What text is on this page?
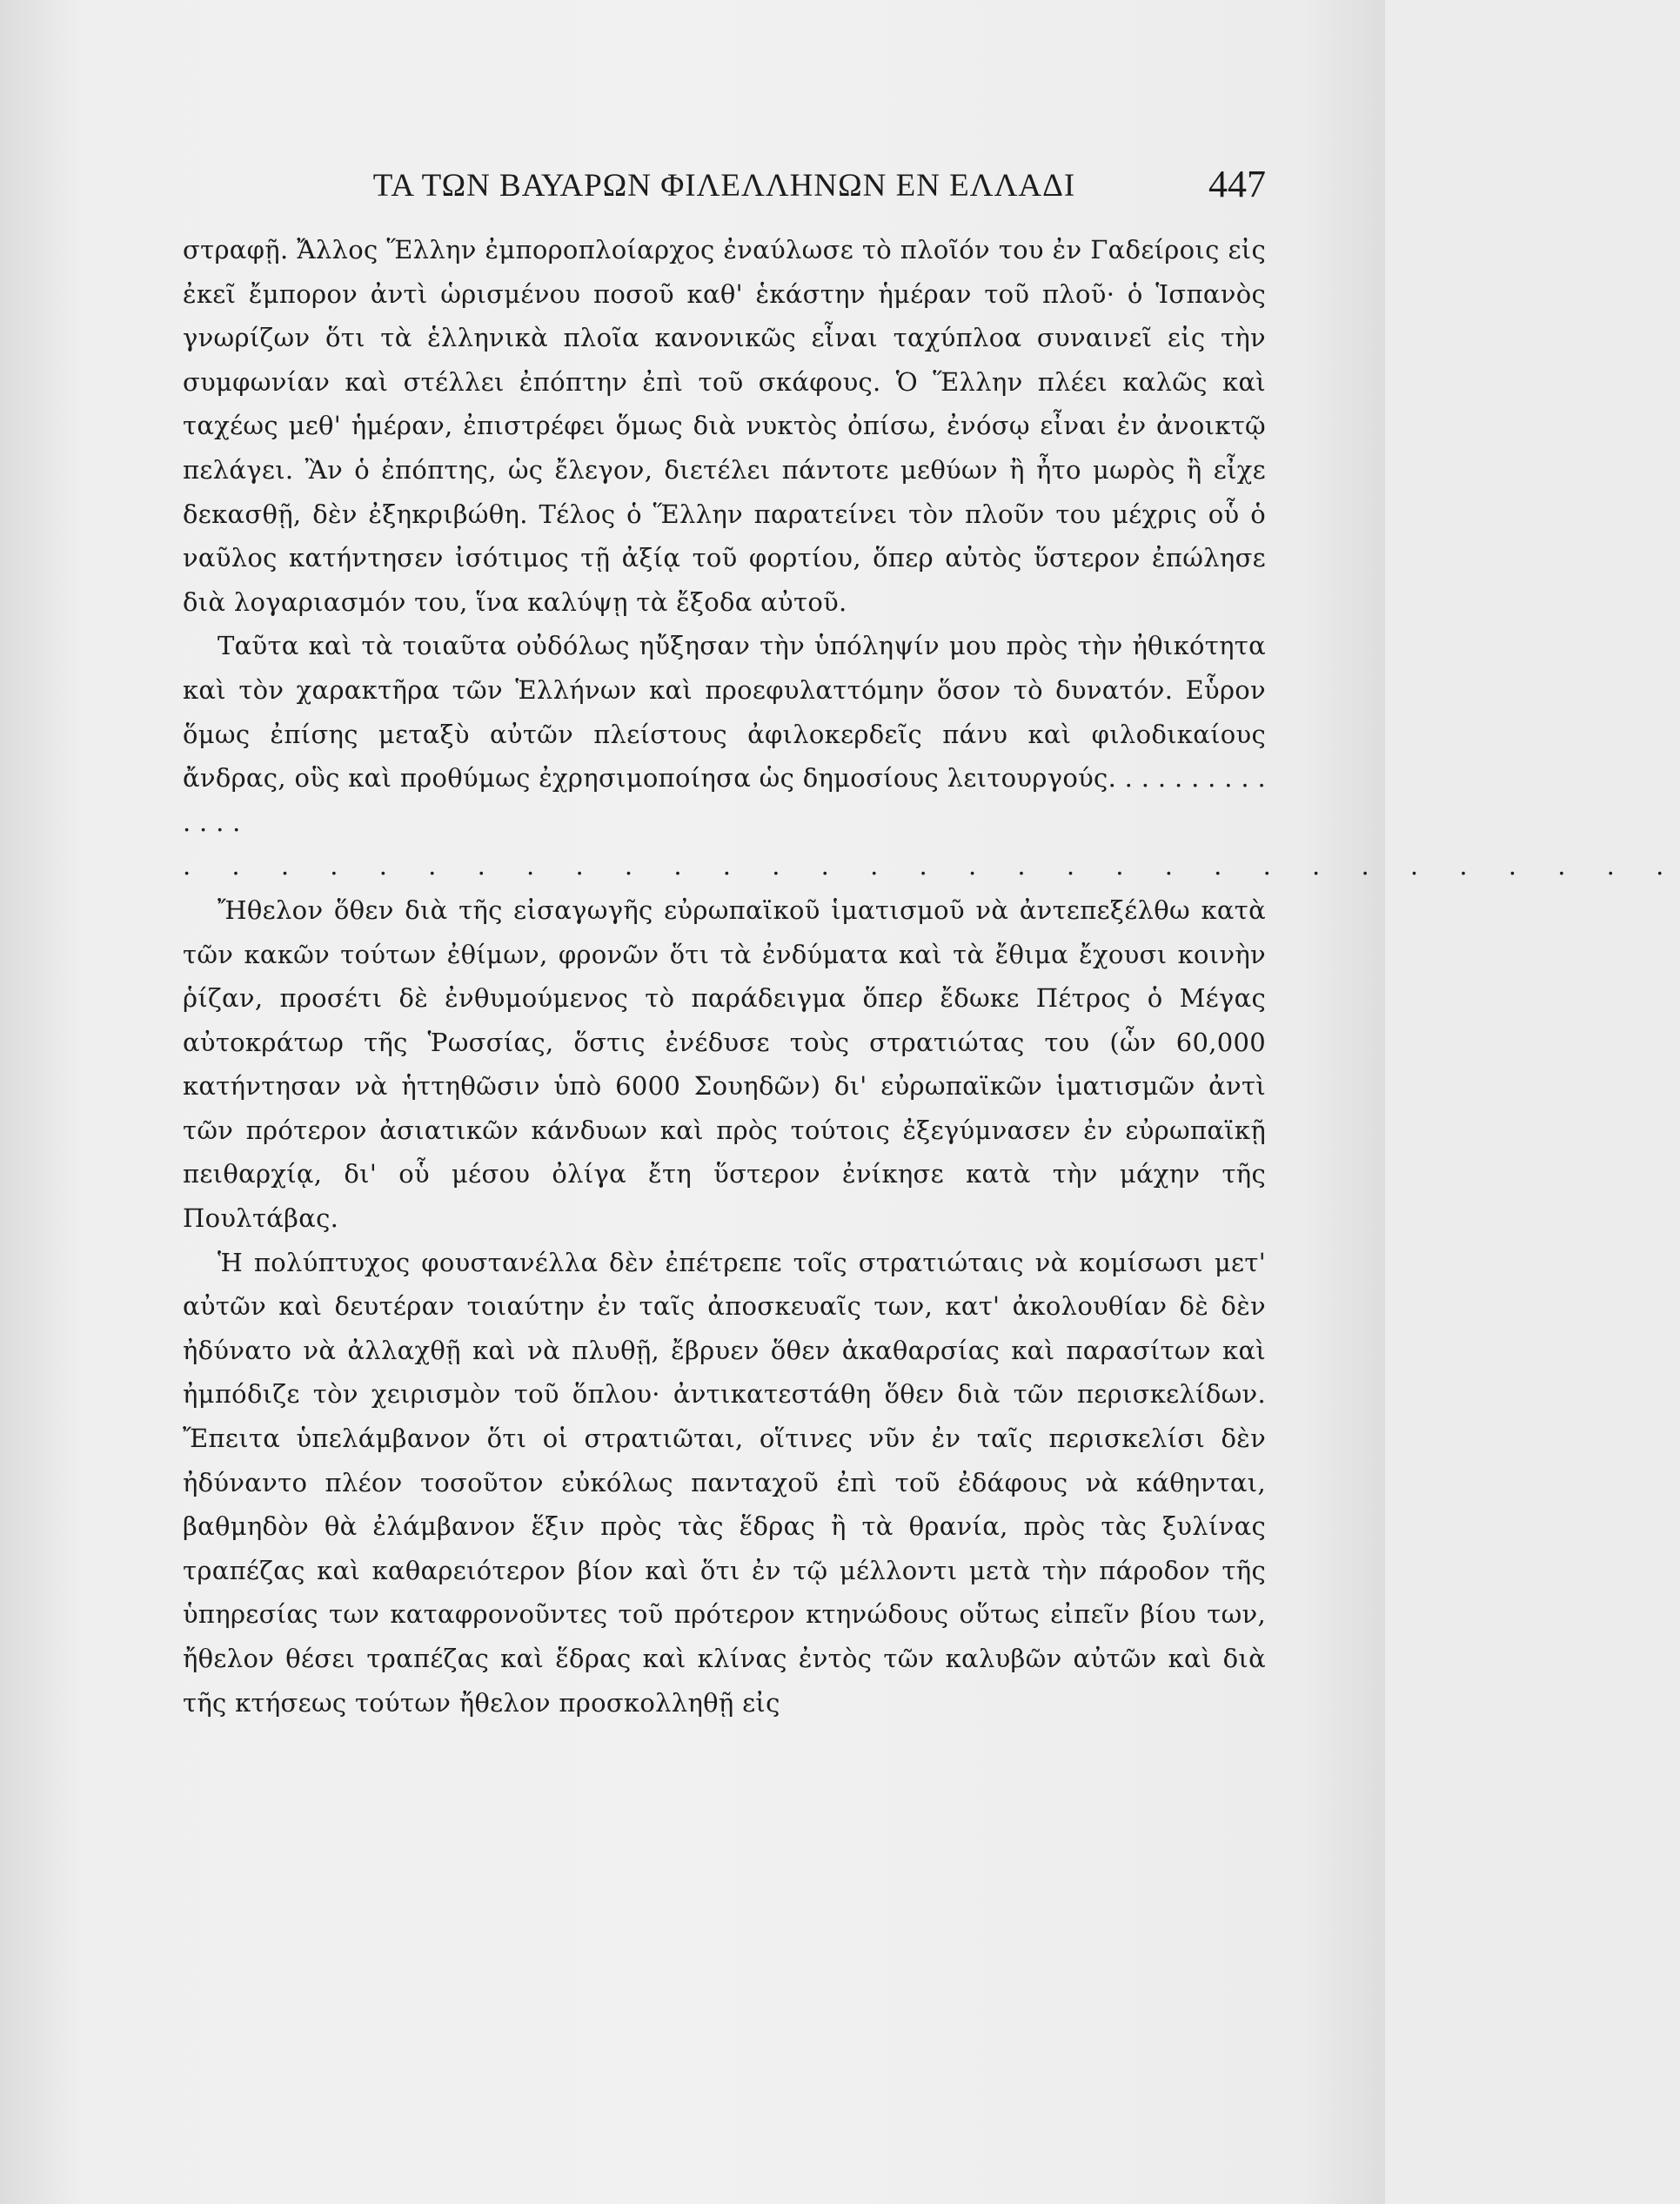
ΤΑ ΤΩΝ ΒΑΥΑΡΩΝ ΦΙΛΕΛΛΗΝΩΝ ΕΝ ΕΛΛΑΔΙ	447

στραφῇ. Ἄλλος Ἕλλην ἐμποροπλοίαρχος ἐναύλωσε τὸ πλοῖόν του ἐν Γαδείροις εἰς ἐκεῖ ἔμπορον ἀντὶ ὡρισμένου ποσοῦ καθ' ἑκάστην ἡμέραν τοῦ πλοῦ· ὁ Ἱσπανὸς γνωρίζων ὅτι τὰ ἑλληνικὰ πλοῖα κανονικῶς εἶναι ταχύπλοα συναινεῖ εἰς τὴν συμφωνίαν καὶ στέλλει ἐπόπτην ἐπὶ τοῦ σκάφους. Ὁ Ἕλλην πλέει καλῶς καὶ ταχέως μεθ' ἡμέραν, ἐπιστρέφει ὅμως διὰ νυκτὸς ὀπίσω, ἐνόσῳ εἶναι ἐν ἀνοικτῷ πελάγει. Ἂν ὁ ἐπόπτης, ὡς ἔλεγον, διετέλει πάντοτε μεθύων ἢ ἦτο μωρὸς ἢ εἶχε δεκασθῇ, δὲν ἐξηκριβώθη. Τέλος ὁ Ἕλλην παρατείνει τὸν πλοῦν του μέχρις οὗ ὁ ναῦλος κατήντησεν ἰσότιμος τῇ ἀξίᾳ τοῦ φορτίου, ὅπερ αὐτὸς ὕστερον ἐπώλησε διὰ λογαριασμόν του, ἵνα καλύψῃ τὰ ἔξοδα αὐτοῦ.

Ταῦτα καὶ τὰ τοιαῦτα οὐδόλως ηὔξησαν τὴν ὑπόληψίν μου πρὸς τὴν ἠθικότητα καὶ τὸν χαρακτῆρα τῶν Ἑλλήνων καὶ προεφυλαττόμην ὅσον τὸ δυνατόν. Εὗρον ὅμως ἐπίσης μεταξὺ αὐτῶν πλείστους ἀφιλοκερδεῖς πάνυ καὶ φιλοδικαίους ἄνδρας, οὓς καὶ προθύμως ἐχρησιμοποίησα ὡς δημοσίους λειτουργούς. . . . . . . . . . . . . .

. . . . . . . . . . . . . . . . . . . . . . . . . . . . . . .

Ἤθελον ὅθεν διὰ τῆς εἰσαγωγῆς εὐρωπαϊκοῦ ἱματισμοῦ νὰ ἀντεπεξέλθω κατὰ τῶν κακῶν τούτων ἐθίμων, φρονῶν ὅτι τὰ ἐνδύματα καὶ τὰ ἔθιμα ἔχουσι κοινὴν ῥίζαν, προσέτι δὲ ἐνθυμούμενος τὸ παράδειγμα ὅπερ ἔδωκε Πέτρος ὁ Μέγας αὐτοκράτωρ τῆς Ῥωσσίας, ὅστις ἐνέδυσε τοὺς στρατιώτας του (ὧν 60,000 κατήντησαν νὰ ἡττηθῶσιν ὑπὸ 6000 Σουηδῶν) δι' εὐρωπαϊκῶν ἱματισμῶν ἀντὶ τῶν πρότερον ἀσιατικῶν κάνδυων καὶ πρὸς τούτοις ἐξεγύμνασεν ἐν εὐρωπαϊκῇ πειθαρχίᾳ, δι' οὗ μέσου ὀλίγα ἔτη ὕστερον ἐνίκησε κατὰ τὴν μάχην τῆς Πουλτάβας.

Ἡ πολύπτυχος φουστανέλλα δὲν ἐπέτρεπε τοῖς στρατιώταις νὰ κομίσωσι μετ' αὐτῶν καὶ δευτέραν τοιαύτην ἐν ταῖς ἀποσκευαῖς των, κατ' ἀκολουθίαν δὲ δὲν ἠδύνατο νὰ ἀλλαχθῇ καὶ νὰ πλυθῇ, ἔβρυεν ὅθεν ἀκαθαρσίας καὶ παρασίτων καὶ ἠμπόδιζε τὸν χειρισμὸν τοῦ ὅπλου· ἀντικατεστάθη ὅθεν διὰ τῶν περισκελίδων. Ἔπειτα ὑπελάμβανον ὅτι οἱ στρατιῶται, οἵτινες νῦν ἐν ταῖς περισκελίσι δὲν ἠδύναντο πλέον τοσοῦτον εὐκόλως πανταχοῦ ἐπὶ τοῦ ἐδάφους νὰ κάθηνται, βαθμηδὸν θὰ ἐλάμβανον ἕξιν πρὸς τὰς ἕδρας ἢ τὰ θρανία, πρὸς τὰς ξυλίνας τραπέζας καὶ καθαρειότερον βίον καὶ ὅτι ἐν τῷ μέλλοντι μετὰ τὴν πάροδον τῆς ὑπηρεσίας των καταφρονοῦντες τοῦ πρότερον κτηνώδους οὕτως εἰπεῖν βίου των, ἤθελον θέσει τραπέζας καὶ ἕδρας καὶ κλίνας ἐντὸς τῶν καλυβῶν αὐτῶν καὶ διὰ τῆς κτήσεως τούτων ἤθελον προσκολληθῇ εἰς
